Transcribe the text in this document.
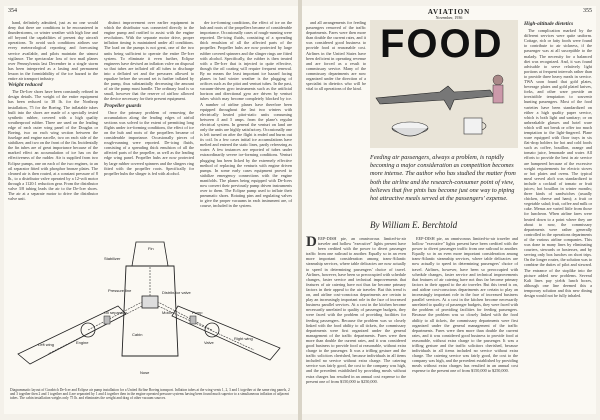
354

hand, definitely admitted, just as no one would deny that there are conditions to be encountered in thunderstorms, or winter weather with high line and off beyond the capabilities of present day aircraft operations. To avoid such conditions airlines use every meteorological reporting and forecasting service available, and pilots maintain the utmost vigilance. The spectacular loss of two mail planes over Pennsylvania last December in a single storm has been interpreted as a lasting and permanent lesson in the formidability of the ice hazard to the entire air transport industry.

Weight reduced

The De-Icer shoes have been constantly refined in design details. The weight of the entire equipment has been reduced to 38 lb. for the Northrop installation, 75 for the Boeing. The inflatable tubes built into the shoes are made of a specially tested synthetic rubber, covered with a high quality weatherproof rubber. Three are used on the leading edge of each outer wing panel of the Douglas or Boeing, two on each wing section between the fuselage and engine nacelle, two on each side of the stabilizer, and two on the front of the fin. Incidentally the fin tubes are of great importance because of the marked effect an accumulation of ice has on the effectiveness of the rudder. Air is supplied from two Eclipse pumps, one on each of the two engines, to an oil separator fitted with phosphor bronze plates. The cleaned air is then routed, at a constant pressure of 8 lb., to a distributor valve operated by a 12-volt motor through a 1120:1 reduction gear. From the distributor valve 3/8 tubing leads the air to the De-Icer shoes. The air at a separate motor to drive the distributor valve unit.

distinct improvement over earlier equipment in which the distributor was connected directly to the engine pump and rarified to assist with the engine revolutions. With the separate motor drive, proper inflation timing is maintained under all conditions. The load on the pumps is not great, one of the two units being sufficient to operate the entire De-Icer system. To eliminate it even further, Eclipse engineers have devised an inflation valve on disposal so that tubes are inflated off all tubes to discharge into a deflated set and the pressures allowed to equalize before the second set is further inflated by the pump, thus substantially decreasing the amount of air the pump must handle. The ordinary load is so small, however that the reserve of airflow allowed the device necessary for their present equipment.

Propeller guards

Once the primary problem of removing the accumulation along the leading edges of airfoil sections was solved to the extent of permitting long flights under ice-forming conditions, the effect of ice on the hub and roots of the propellers became of considerable importance. Occasionally pieces of rough-running were reported. De-icing fluids, consisting of a spreading thick emulsion of all the affected parts of the propeller, as well as the leading edge wing panel. Propeller hubs are now protected by large rubber covered spinners and the slingers ring fitted with the propeller roots. Specifically for propeller hubs the slinger is fed with alcohol.

der ice-forming conditions, the effect of ice on the hub and roots of the propellers became of considerable importance. Occasionally cases of rough-running were reported. De-icing fluids, consisting of a spreading thick emulsion of all the affected parts of the propeller. Propeller hubs are now protected by large rubber covered spinners and the slinger rings are fitted with alcohol. Specifically, the rubber is then treated with a De-Icer that is injected to quite effective, though the oil coating will require frequent renewal. By no means the least important ice hazard facing planes in bad winter weather is the plugging of orifices such as the pitot and venturi tubes. In the past, vacuum-driven gyro instruments such as the artificial horizon and directional gyro are driven by venturi tubes which may become completely blocked by ice. A number of airline planes have therefore been equipped throughout the last two winters with electrically heated pitot-static units consuming between 4 and 5 amps. from the plane's regular electrical system. In general the venturi on land are only the units are highly satisfactory. Occasionally one is left turned on after the flight is ended and burns out its coil. In a few cases initial ice accumulations have melted and entered the static lines, partly refreezing as water. A few instances are reported of tubes under extraordinarily severe ice-forming conditions. Venturi plugging has been licked by the extremely effective method of replacing the venturis with engine driven pumps. In some early cases equipment proved to stabilize emergency connections with the engine manifolds. The planes being equipped with De-Icers now convert their previously pump driven instruments over to them. The Eclipse pump used to inflate their pneumatic shoes. Rotating pins and regulating valves to give the proper vacuums in each instrument are, of course, included in the system.

Fin
Stabilizer
Distributor valve
Motor
Left wing
Right wing
Engine
Oil separator	Pump
Cabin
Pressure line
Valve
Nose
Diagrammatic layout of Goodrich De-Icer and Eclipse air pump installation for a United Airline Boeing transport. Inflation tubes at the wing vents 1, 2, 3 and 1 together at the same ring panels, 2 and 3 together then 2 and 1 together and 4 are separated by 1 and 4 together then in the engine operated pressure systems having been found much superior to a simultaneous inflation of adjacent tubes. The cabin installation weighs only 75 lb. and eliminates the weight and drag of other vacuum sources.
AVIATION
November, 1936
355

and all arrangements for feeding passengers removed of the traffic departments. Fares were then more than double the current rates, and it was considered good business to provide food at reasonable cost. Airlines in the United States have been deficient in operating revenue and are forced as a result to commissary service. Many of the commissary departments are now organized under the direction of a specialist in dietetics who will be vital to all operations of the kind.

FOOD	High-altitude dietetics

The complication marked by the different services were quite uniform. Cottage, rich or fatty foods were found to contribute to air sickness, if the passenger was at all susceptible to the malady. The necessity for a balanced diet was recognized. And, it was found advisable to serve relatively light portions at frequent intervals rather than to provide three heavy meals in service. TWA soon found that gold plates, beverage plates and gold plated knives, forks, and other ware provide an irresistible temptation to souvenir hunting passengers. Most of the food varieties have been standardized on either a high quality paper service, which is both light and sanitary; or on unbreakable glasses and hotel ware which will not break or offer too much temptation to the light-fingered. Plane ware equipped with floor trays in six flat-drop holders for hot and cold foods such as coffee, bouillon, orange and tomato juice, lemonade and water. All efforts to provide the best in air service are hampered because of the excessive weight requirements for electric stoves or hot plates and ovens. The typical meal served aloft was standardized to include a cocktail of tomato or fruit juices; hot bouillon in winter months; three kinds of sandwiches (usually chicken, cheese and ham); a fruit or vegetable salad; fruit, coffee and milk or cake. Menus are varied little from those for luncheon. When airline fares were heated down to a point where they are about to now, the commissary departments were rather generally controlled in the operations departments of the various airline companies. This was done in many lines by eliminating couriers, stewards or hostesses, and by serving only box lunches on short trips. On the longer routes, the solution was to combine the duties of pilot and steward. The entrance of the stoplike into the picture added new problems. Several Kalt lines pay yields lunch boxes, although one line deemed this a temporary solution and this new dining design would not be fully inhaled.

Feeding air passengers, always a problem, is rapidly becoming a major consideration as competition becomes more intense. The author who has studied the matter from both the airline and the research-consumer point of view, believes that five pints has become just one way to piping hot attractive meals served at the passengers' expense.
By William E. Berchtold

DEEP-DISH pie, an omnivorous limited-to-air traveler and hollow "executive" lights present have been credited with the power to divert passenger traffic from one railroad to another. Equally so in an even more important consideration among trans-Atlantic steamship services, where table delicacies are now actually to speed in determining passengers' choice of travel. Airlines, however, have been so preoccupied with schedule changes, faster service and technical improvements that features of air catering have not thus far become primary factors in their appeal to the air traveler. But this trend is on, and airline cost-conscious departments are certain to play an increasingly important role in the face of increased business parallel services. At a cost in the kitchen become necessarily unrelated to quality of passenger budgets, they were faced with the problem of providing facilities for feeding passengers. Because the problem was so closely linked with the food ability to all tickets, the commissary departments were first organized under the general management of the traffic departments. Fares were then more than double the current rates, and it was considered good business to provide food at reasonable, without extra charge to the passenger. It was a trifling gesture and the traffic solicitors cherished, because individuals in all items included no service without extra charge. The catering service was fairly good, the cost to the company was high, and the precedent established by providing meals without extra charges has resulted in an annual cost expense to the present one of from $150,000 to $250,000.

EEP-DISH pie, an omnivorous limited-to-air traveler and hollow "executive" lights present have been credited with the power to divert passenger traffic from one railroad to another. Equally so in an even more important consideration among trans-Atlantic steamship services, where table delicacies are now actually to speed in determining passengers' choice of travel. Airlines, however, have been so preoccupied with schedule changes, faster service and technical improvements that features of air catering have not thus far become primary factors in their appeal to the air traveler. But this trend is on, and airline cost-conscious departments are certain to play an increasingly important role in the face of increased business parallel services. At a cost in the kitchen become necessarily unrelated to quality of passenger budgets, they were faced with the problem of providing facilities for feeding passengers. Because the problem was so closely linked with the food ability to all tickets, the commissary departments were first organized under the general management of the traffic departments. Fares were then more than double the current rates, and it was considered good business to provide food at reasonable, without extra charge to the passenger. It was a trifling gesture and the traffic solicitors cherished, because individuals in all items included no service without extra charge. The catering service was fairly good, the cost to the company was high, and the precedent established by providing meals without extra charges has resulted in an annual cost expense to the present one of from $150,000 to $250,000.
